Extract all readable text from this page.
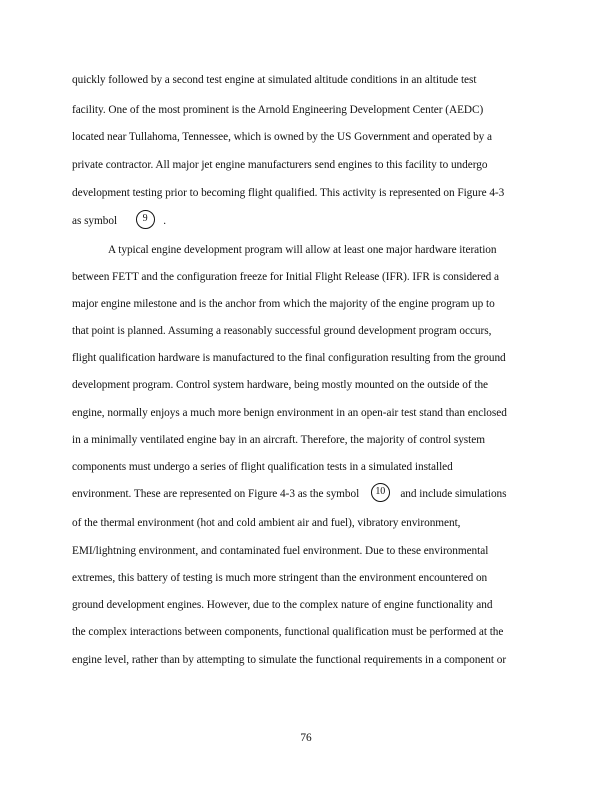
quickly followed by a second test engine at simulated altitude conditions in an altitude test
facility. One of the most prominent is the Arnold Engineering Development Center (AEDC)
located near Tullahoma, Tennessee, which is owned by the US Government and operated by a
private contractor. All major jet engine manufacturers send engines to this facility to undergo
development testing prior to becoming flight qualified. This activity is represented on Figure 4-3
as symbol	9 .
A typical engine development program will allow at least one major hardware iteration
between FETT and the configuration freeze for Initial Flight Release (IFR). IFR is considered a
major engine milestone and is the anchor from which the majority of the engine program up to
that point is planned. Assuming a reasonably successful ground development program occurs,
flight qualification hardware is manufactured to the final configuration resulting from the ground
development program. Control system hardware, being mostly mounted on the outside of the
engine, normally enjoys a much more benign environment in an open-air test stand than enclosed
in a minimally ventilated engine bay in an aircraft. Therefore, the majority of control system
components must undergo a series of flight qualification tests in a simulated installed
environment. These are represented on Figure 4-3 as the symbol 10 and include simulations
of the thermal environment (hot and cold ambient air and fuel), vibratory environment,
EMI/lightning environment, and contaminated fuel environment. Due to these environmental
extremes, this battery of testing is much more stringent than the environment encountered on
ground development engines. However, due to the complex nature of engine functionality and
the complex interactions between components, functional qualification must be performed at the
engine level, rather than by attempting to simulate the functional requirements in a component or
76
